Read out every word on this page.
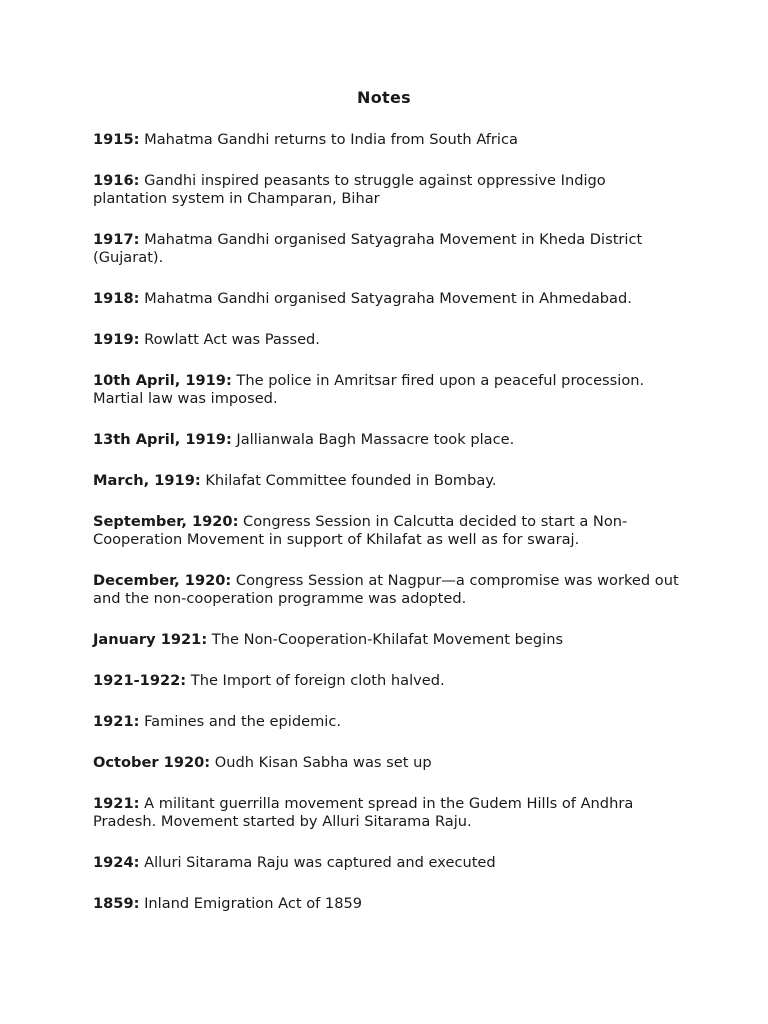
Notes
1915: Mahatma Gandhi returns to India from South Africa
1916: Gandhi inspired peasants to struggle against oppressive Indigo plantation system in Champaran, Bihar
1917: Mahatma Gandhi organised Satyagraha Movement in Kheda District (Gujarat).
1918: Mahatma Gandhi organised Satyagraha Movement in Ahmedabad.
1919: Rowlatt Act was Passed.
10th April, 1919: The police in Amritsar fired upon a peaceful procession. Martial law was imposed.
13th April, 1919: Jallianwala Bagh Massacre took place.
March, 1919: Khilafat Committee founded in Bombay.
September, 1920: Congress Session in Calcutta decided to start a Non-Cooperation Movement in support of Khilafat as well as for swaraj.
December, 1920: Congress Session at Nagpur—a compromise was worked out and the non-cooperation programme was adopted.
January 1921: The Non-Cooperation-Khilafat Movement begins
1921-1922: The Import of foreign cloth halved.
1921: Famines and the epidemic.
October 1920: Oudh Kisan Sabha was set up
1921: A militant guerrilla movement spread in the Gudem Hills of Andhra Pradesh. Movement started by Alluri Sitarama Raju.
1924: Alluri Sitarama Raju was captured and executed
1859: Inland Emigration Act of 1859
